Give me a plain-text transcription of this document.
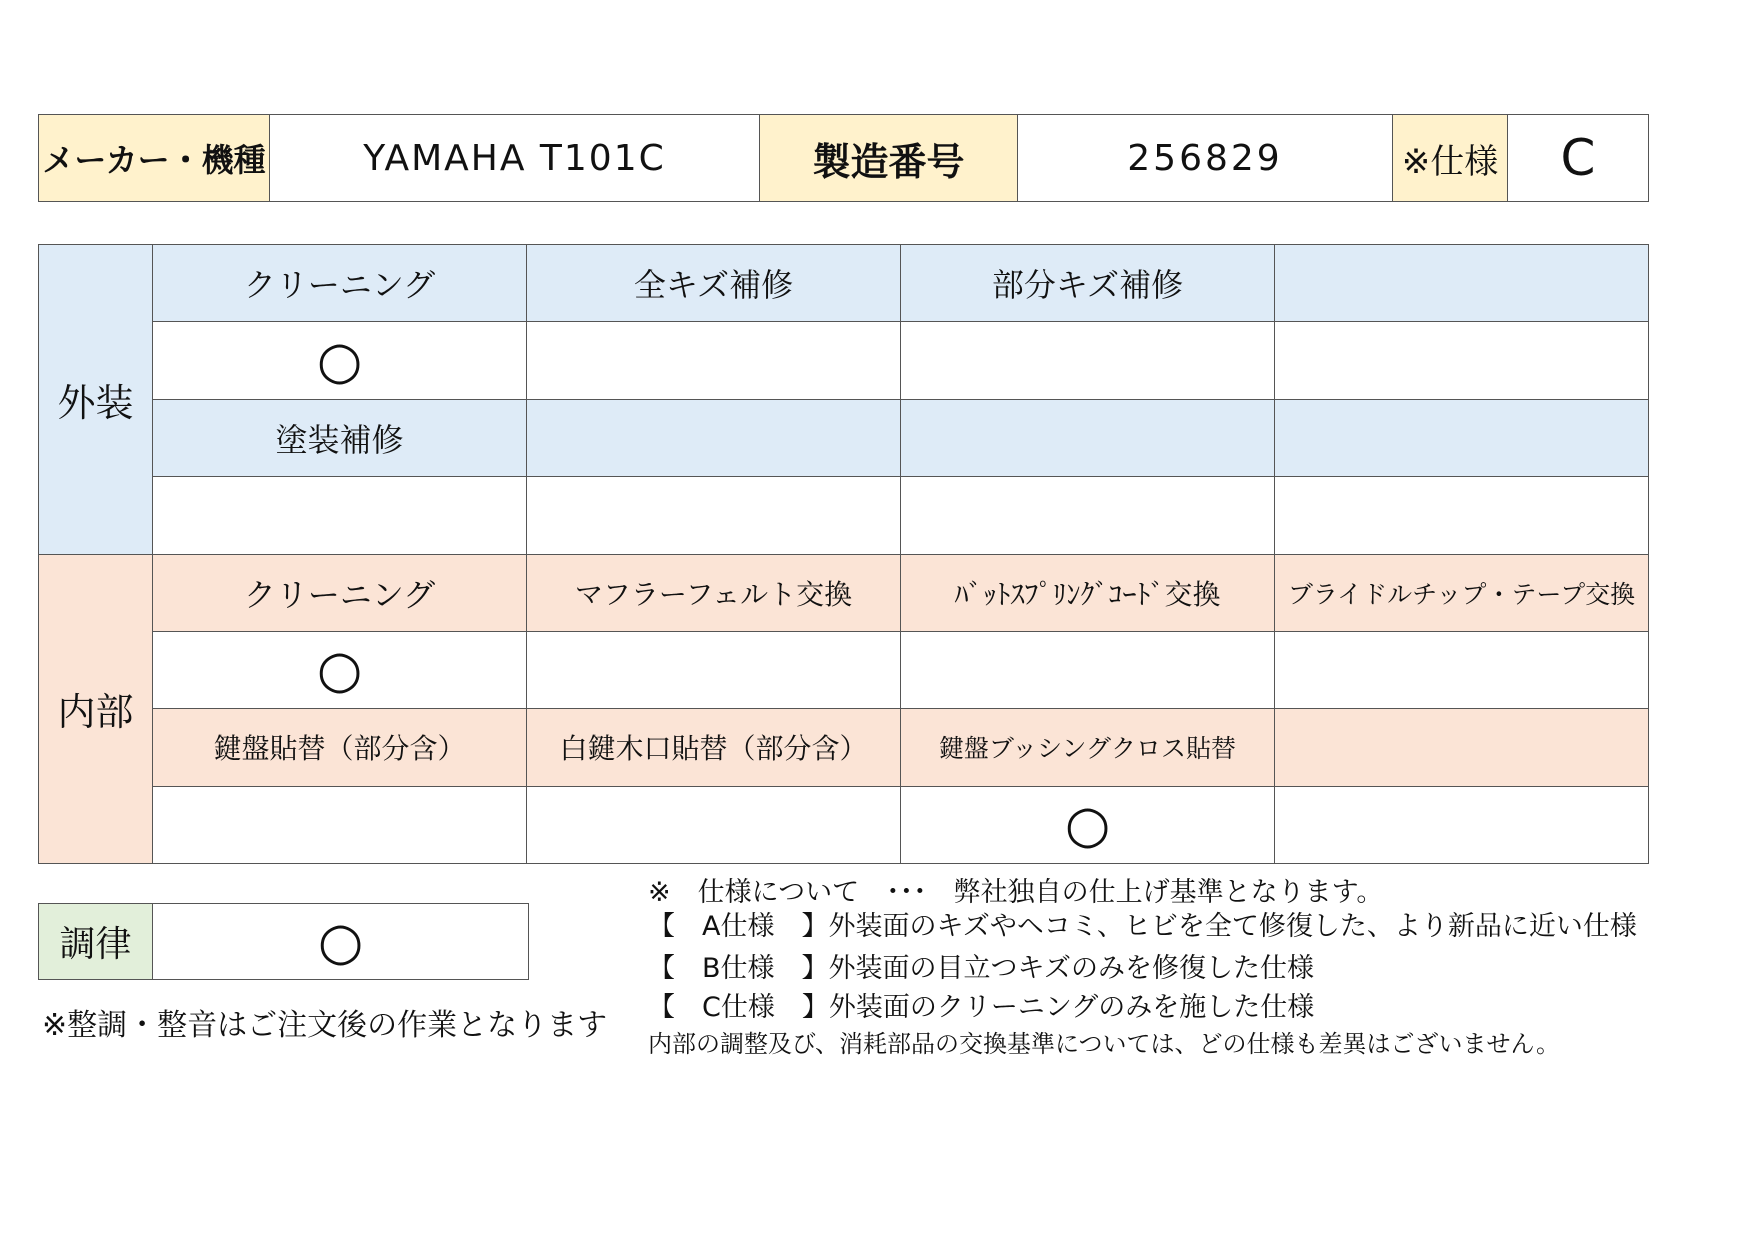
メーカー・機種	YAMAHA T101C	製造番号	256829	※仕様	C
外装	クリーニング	全キズ補修	部分キズ補修	
	○			
	塗装補修			

内部	クリーニング	マフラーフェルト交換	ﾊﾞｯﾄｽﾌﾟﾘﾝｸﾞｺｰﾄﾞ交換	ブライドルチップ・テープ交換
	○			
	鍵盤貼替（部分含）	白鍵木口貼替（部分含）	鍵盤ブッシングクロス貼替	
			○	
調律	○
※整調・整音はご注文後の作業となります
※　仕様について　･･･　弊社独自の仕上げ基準となります。
【　A仕様　】外装面のキズやヘコミ、ヒビを全て修復した、より新品に近い仕様
【　B仕様　】外装面の目立つキズのみを修復した仕様
【　C仕様　】外装面のクリーニングのみを施した仕様
内部の調整及び、消耗部品の交換基準については、どの仕様も差異はございません。
